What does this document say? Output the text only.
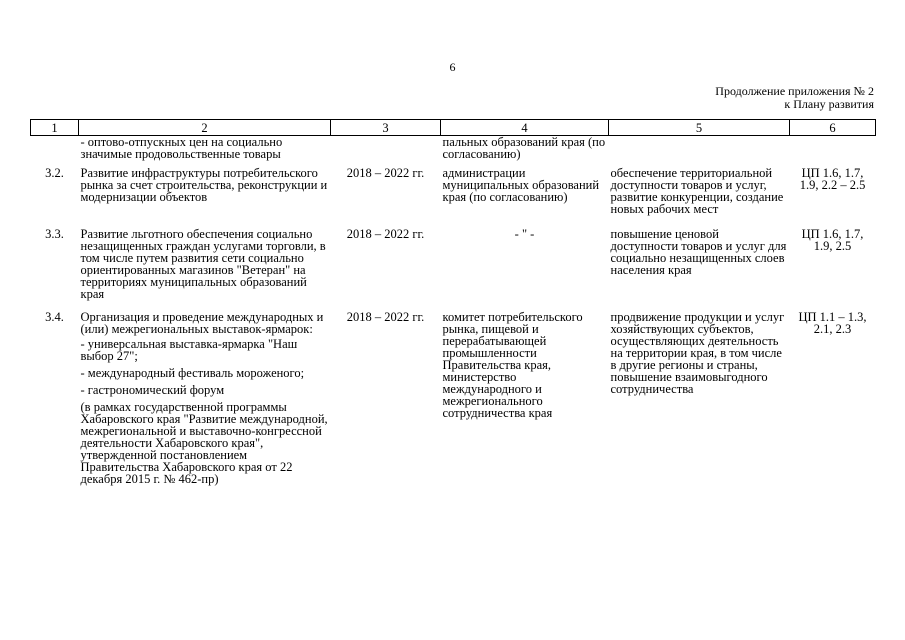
6
Продолжение приложения № 2
к Плану развития
1	2	3	4	5	6
	- оптово-отпускных цен на социально значимые продовольственные товары		пальных образований края (по согласованию)		
3.2.	Развитие инфраструктуры потребительского рынка за счет строительства, реконструкции и модернизации объектов	2018 – 2022 гг.	администрации муниципальных образований края (по согласованию)	обеспечение территориальной доступности товаров и услуг, развитие конкуренции, создание новых рабочих мест	ЦП 1.6, 1.7, 1.9, 2.2 – 2.5
3.3.	Развитие льготного обеспечения социально незащищенных граждан услугами торговли, в том числе путем развития сети социально ориентированных магазинов "Ветеран" на территориях муниципальных образований края	2018 – 2022 гг.	- " -	повышение ценовой доступности товаров и услуг для социально незащищенных слоев населения края	ЦП 1.6, 1.7, 1.9, 2.5
3.4.	Организация и проведение международных и (или) межрегиональных выставок-ярмарок:
- универсальная выставка-ярмарка "Наш выбор 27";
- международный фестиваль мороженого;
- гастрономический форум
(в рамках государственной программы Хабаровского края "Развитие международной, межрегиональной и выставочно-конгрессной деятельности Хабаровского края", утвержденной постановлением Правительства Хабаровского края от 22 декабря 2015 г. № 462-пр)	2018 – 2022 гг.	комитет потребительского рынка, пищевой и перерабатывающей промышленности Правительства края, министерство международного и межрегионального сотрудничества края	продвижение продукции и услуг хозяйствующих субъектов, осуществляющих деятельность на территории края, в том числе в другие регионы и страны, повышение взаимовыгодного сотрудничества	ЦП 1.1 – 1.3, 2.1, 2.3
